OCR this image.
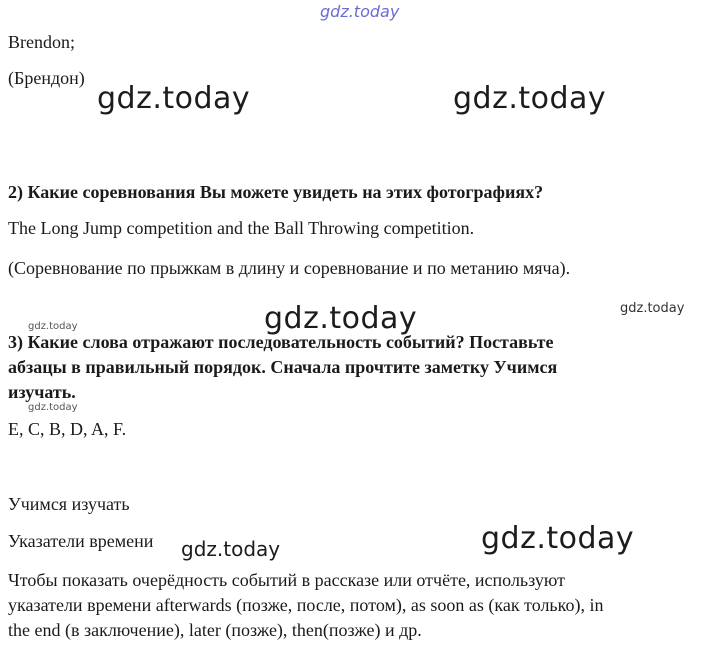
gdz.today
gdz.today	gdz.today
gdz.today
gdz.today
gdz.today
gdz.today
gdz.today
gdz.today
Brendon;
(Брендон)
2) Какие соревнования Вы можете увидеть на этих фотографиях?
The Long Jump competition and the Ball Throwing competition.
(Соревнование по прыжкам в длину и соревнование и по метанию мяча).
3) Какие слова отражают последовательность событий? Поставьте
абзацы в правильный порядок. Сначала прочтите заметку Учимся
изучать.
E, C, B, D, A, F.
Учимся изучать
Указатели времени
Чтобы показать очерёдность событий в рассказе или отчёте, используют
указатели времени afterwards (позже, после, потом), as soon as (как только), in
the end (в заключение), later (позже), then(позже) и др.
